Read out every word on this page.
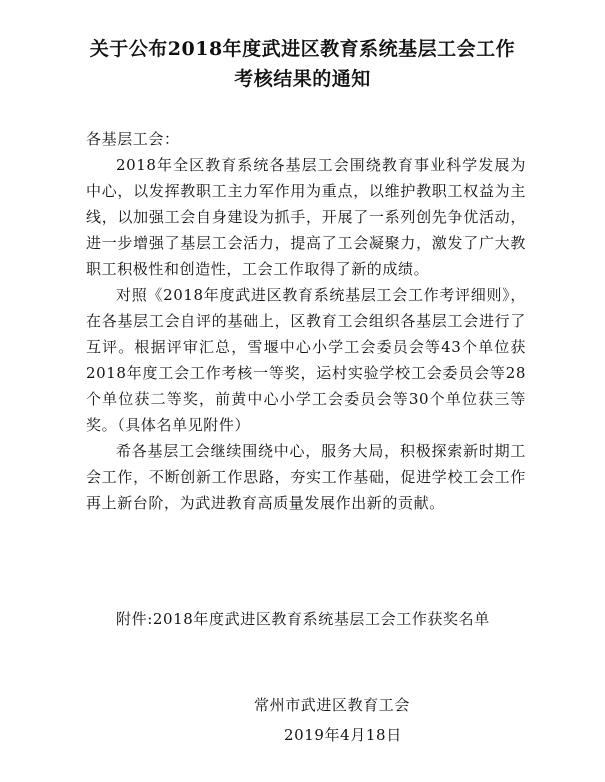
关于公布2018年度武进区教育系统基层工会工作
考核结果的通知

各基层工会：

2018年全区教育系统各基层工会围绕教育事业科学发展为中心，以发挥教职工主力军作用为重点，以维护教职工权益为主线，以加强工会自身建设为抓手，开展了一系列创先争优活动，进一步增强了基层工会活力，提高了工会凝聚力，激发了广大教职工积极性和创造性，工会工作取得了新的成绩。

对照《2018年度武进区教育系统基层工会工作考评细则》，在各基层工会自评的基础上，区教育工会组织各基层工会进行了互评。根据评审汇总，雪堰中心小学工会委员会等43个单位获2018年度工会工作考核一等奖，运村实验学校工会委员会等28个单位获二等奖，前黄中心小学工会委员会等30个单位获三等奖。（具体名单见附件）

希各基层工会继续围绕中心，服务大局，积极探索新时期工会工作，不断创新工作思路，夯实工作基础，促进学校工会工作再上新台阶，为武进教育高质量发展作出新的贡献。

附件:2018年度武进区教育系统基层工会工作获奖名单
常州市武进区教育工会
2019年4月18日
